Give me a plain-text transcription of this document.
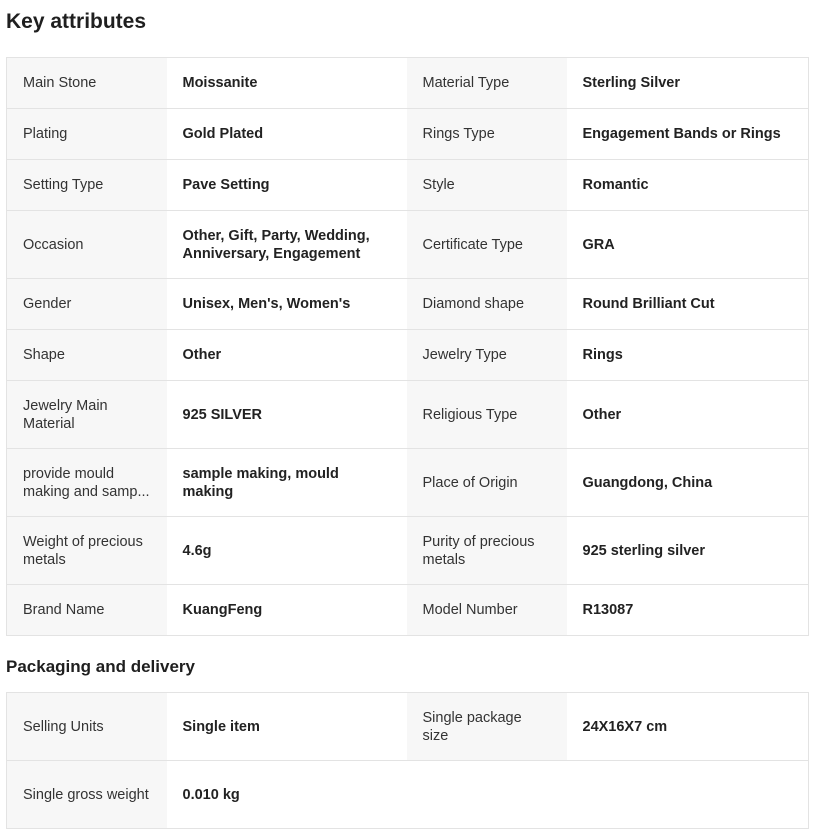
Key attributes
Main Stone	Moissanite	Material Type	Sterling Silver
Plating	Gold Plated	Rings Type	Engagement Bands or Rings
Setting Type	Pave Setting	Style	Romantic
Occasion	Other, Gift, Party, Wedding, Anniversary, Engagement	Certificate Type	GRA
Gender	Unisex, Men's, Women's	Diamond shape	Round Brilliant Cut
Shape	Other	Jewelry Type	Rings
Jewelry Main Material	925 SILVER	Religious Type	Other

provide mould making and samp...	sample making, mould making	Place of Origin	Guangdong, China
Weight of precious metals	4.6g	Purity of precious metals	925 sterling silver
Brand Name	KuangFeng	Model Number	R13087
Packaging and delivery
Selling Units	Single item	Single package size	24X16X7 cm
Single gross weight	0.010 kg		
